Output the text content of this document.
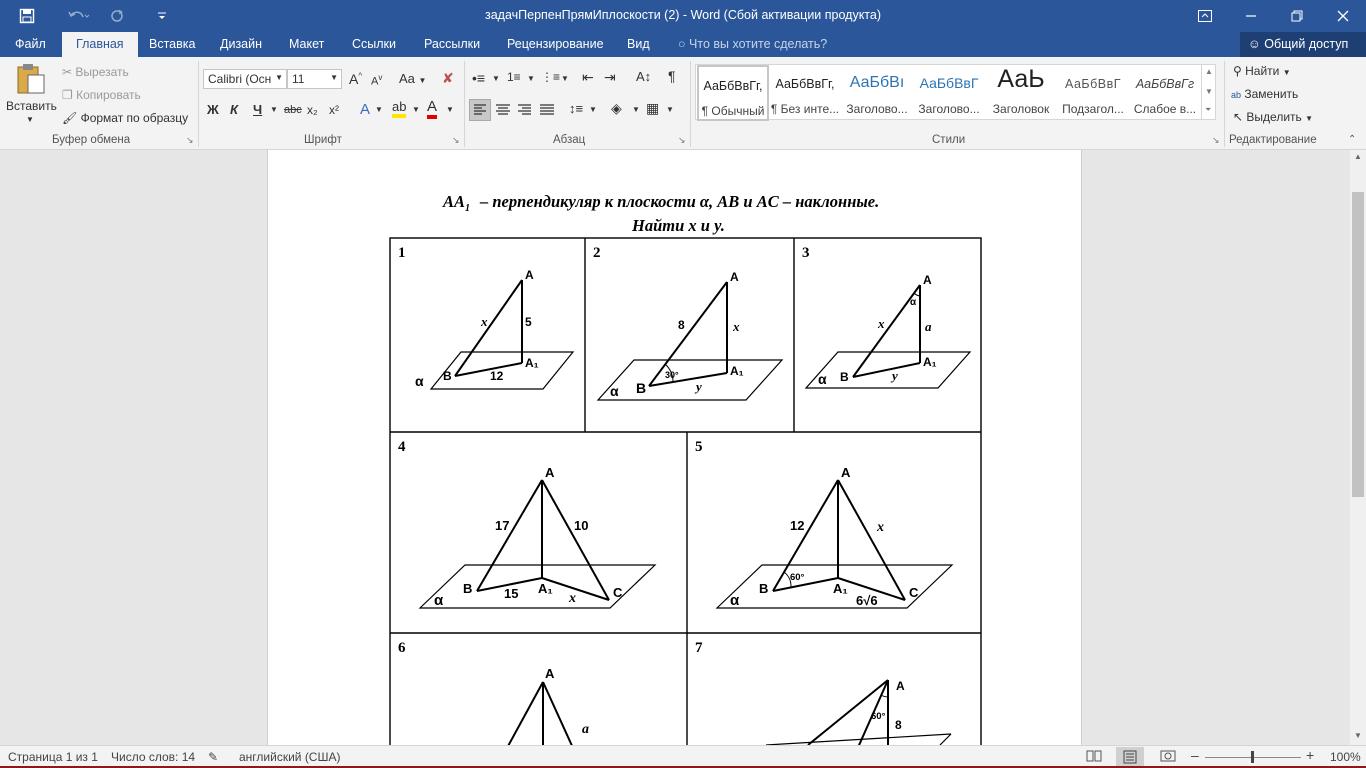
задачПерпенПрямИплоскости (2) - Word (Сбой активации продукта)
Файл	Главная	Вставка Дизайн Макет Ссылки Рассылки Рецензирование Вид ○ Что вы хотите сделать?	☺ Общий доступ
Вставить
▼
✂ Вырезать
❐ Копировать
🖌 Формат по образцу
Буфер обмена	↘
Calibri (Осн ▼ 11	▼ A^ $A^v$ Aa ▼ ✘
Ж К Ч ▼ abc x₂ x² A ▼ ab ▼ A ▼
Шрифт	↘
•≡ ▼ 1≡ ▼ ⋮≡ ▼ ⇤ ⇥ A↕ ¶
↕≡ ▼ ◈ ▼ ▦ ▼
Абзац	↘
АаБбВвГг,
¶ Обычный
АаБбВвГг,
¶ Без инте...
АаБбВı
Заголово...
АаБбВвГ
Заголово...
АаЬ
Заголовок
АаБбВвГ
Подзагол...
АаБбВвГг
Слабое в...
▲
▼
⏷
Стили	↘
⚲ Найти ▼
ab Заменить
↖ Выделить ▼
Редактирование	⌃
$AA_1$ – перпендикуляр к плоскости α, AB и AC – наклонные.
Найти x и y.
1	2	3
4	5
6	7
A
A₁
B
x	5
12
α
A
A₁
B
x
8
30°
y
α
A
A₁
B
x	a
α
y
α
A
A₁
B	C
17	10
15	x
α
A
A₁
B	C
12	x
60°
6√6
α
A
a
A
60°
8
▲
▼
Страница 1 из 1 Число слов: 14 ✎ английский (США)	–	+ 100%
